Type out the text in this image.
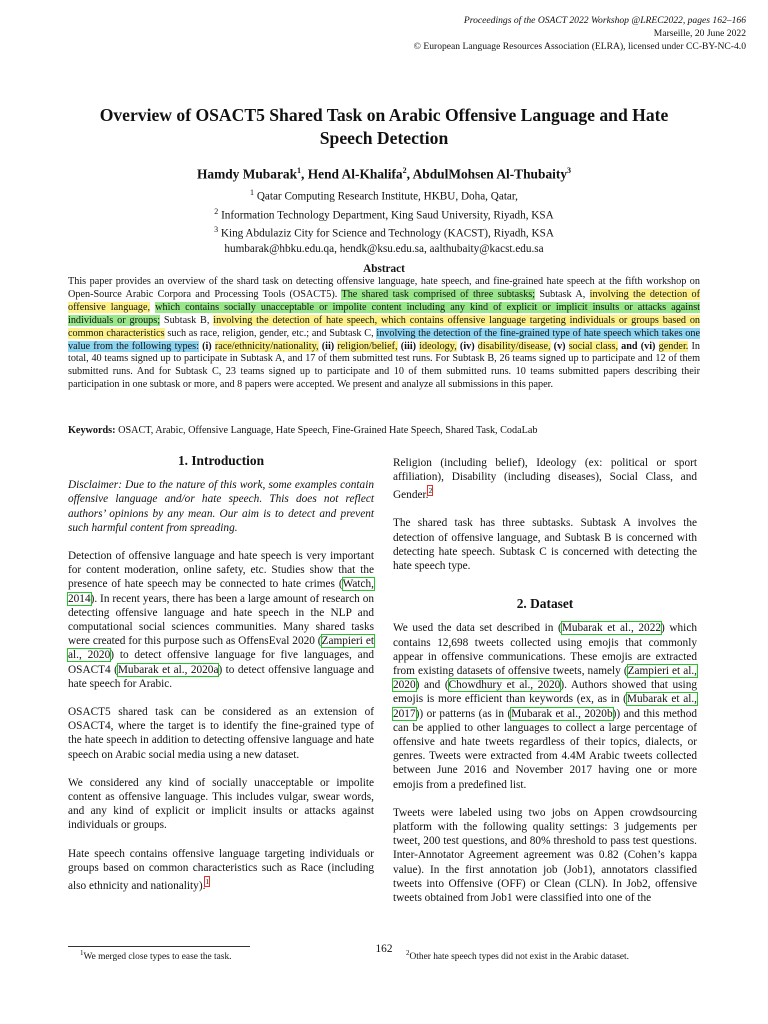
Proceedings of the OSACT 2022 Workshop @LREC2022, pages 162–166
Marseille, 20 June 2022
© European Language Resources Association (ELRA), licensed under CC-BY-NC-4.0
Overview of OSACT5 Shared Task on Arabic Offensive Language and Hate
Speech Detection
Hamdy Mubarak$^1$, Hend Al-Khalifa$^2$, AbdulMohsen Al-Thubaity$^3$
$^1$ Qatar Computing Research Institute, HKBU, Doha, Qatar,
$^2$ Information Technology Department, King Saud University, Riyadh, KSA
$^3$ King Abdulaziz City for Science and Technology (KACST), Riyadh, KSA
humbarak@hbku.edu.qa, hendk@ksu.edu.sa, aalthubaity@kacst.edu.sa
Abstract
This paper provides an overview of the shard task on detecting offensive language, hate speech, and fine-grained hate speech at the fifth workshop on Open-Source Arabic Corpora and Processing Tools (OSACT5). The shared task comprised of three subtasks; Subtask A, involving the detection of offensive language, which contains socially unacceptable or impolite content including any kind of explicit or implicit insults or attacks against individuals or groups; Subtask B, involving the detection of hate speech, which contains offensive language targeting individuals or groups based on common characteristics such as race, religion, gender, etc.; and Subtask C, involving the detection of the fine-grained type of hate speech which takes one value from the following types: (i) race/ethnicity/nationality, (ii) religion/belief, (iii) ideology, (iv) disability/disease, (v) social class, and (vi) gender. In total, 40 teams signed up to participate in Subtask A, and 17 of them submitted test runs. For Subtask B, 26 teams signed up to participate and 12 of them submitted runs. And for Subtask C, 23 teams signed up to participate and 10 of them submitted runs. 10 teams submitted papers describing their participation in one subtask or more, and 8 papers were accepted. We present and analyze all submissions in this paper.
Keywords: OSACT, Arabic, Offensive Language, Hate Speech, Fine-Grained Hate Speech, Shared Task, CodaLab
1. Introduction

Disclaimer: Due to the nature of this work, some examples contain offensive language and/or hate speech. This does not reflect authors’ opinions by any mean. Our aim is to detect and prevent such harmful content from spreading.

Detection of offensive language and hate speech is very important for content moderation, online safety, etc. Studies show that the presence of hate speech may be connected to hate crimes (Watch, 2014). In recent years, there has been a large amount of research on detecting offensive language and hate speech in the NLP and computational social sciences communities. Many shared tasks were created for this purpose such as OffensEval 2020 (Zampieri et al., 2020) to detect offensive language for five languages, and OSACT4 (Mubarak et al., 2020a) to detect offensive language and hate speech for Arabic.

OSACT5 shared task can be considered as an extension of OSACT4, where the target is to identify the fine-grained type of the hate speech in addition to detecting offensive language and hate speech on Arabic social media using a new dataset.

We considered any kind of socially unacceptable or impolite content as offensive language. This includes vulgar, swear words, and any kind of explicit or implicit insults or attacks against individuals or groups.

Hate speech contains offensive language targeting individuals or groups based on common characteristics such as Race (including also ethnicity and nationality).$^1$

Religion (including belief), Ideology (ex: political or sport affiliation), Disability (including diseases), Social Class, and Gender.$^2$

The shared task has three subtasks. Subtask A involves the detection of offensive language, and Subtask B is concerned with detecting hate speech. Subtask C is concerned with detecting the hate speech type.

2. Dataset

We used the data set described in (Mubarak et al., 2022) which contains 12,698 tweets collected using emojis that commonly appear in offensive communications. These emojis are extracted from existing datasets of offensive tweets, namely (Zampieri et al., 2020) and (Chowdhury et al., 2020). Authors showed that using emojis is more efficient than keywords (ex, as in (Mubarak et al., 2017)) or patterns (as in (Mubarak et al., 2020b)) and this method can be applied to other languages to collect a large percentage of offensive and hate tweets regardless of their topics, dialects, or genres. Tweets were extracted from 4.4M Arabic tweets collected between June 2016 and November 2017 having one or more emojis from a predefined list.

Tweets were labeled using two jobs on Appen crowdsourcing platform with the following quality settings: 3 judgements per tweet, 200 test questions, and 80% threshold to pass test questions. Inter-Annotator Agreement agreement was 0.82 (Cohen’s kappa value). In the first annotation job (Job1), annotators classified tweets into Offensive (OFF) or Clean (CLN). In Job2, offensive tweets obtained from Job1 were classified into one of the

$^1$We merged close types to ease the task.	$^2$Other hate speech types did not exist in the Arabic dataset.
162
